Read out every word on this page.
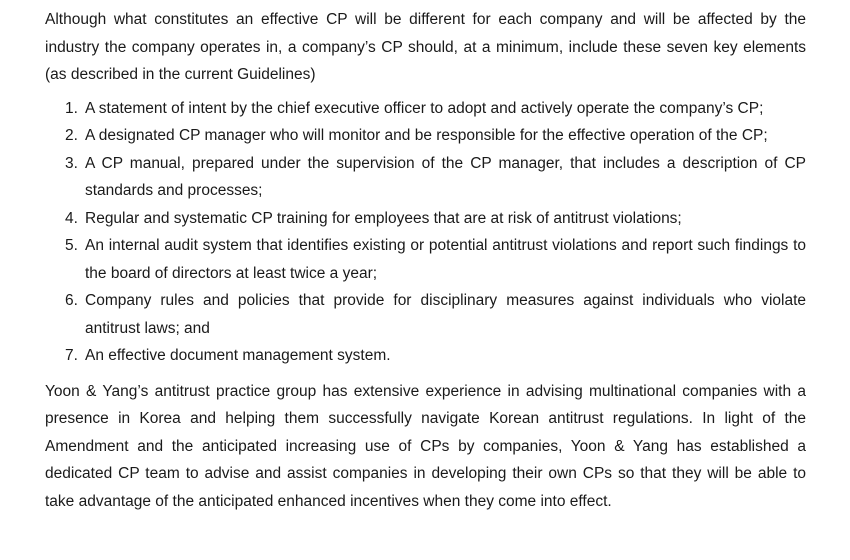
Although what constitutes an effective CP will be different for each company and will be affected by the industry the company operates in, a company’s CP should, at a minimum, include these seven key elements (as described in the current Guidelines)

1. A statement of intent by the chief executive officer to adopt and actively operate the company’s CP;
2. A designated CP manager who will monitor and be responsible for the effective operation of the CP;
3. A CP manual, prepared under the supervision of the CP manager, that includes a description of CP standards and processes;
4. Regular and systematic CP training for employees that are at risk of antitrust violations;
5. An internal audit system that identifies existing or potential antitrust violations and report such findings to the board of directors at least twice a year;
6. Company rules and policies that provide for disciplinary measures against individuals who violate antitrust laws; and
7. An effective document management system.

Yoon & Yang’s antitrust practice group has extensive experience in advising multinational companies with a presence in Korea and helping them successfully navigate Korean antitrust regulations. In light of the Amendment and the anticipated increasing use of CPs by companies, Yoon & Yang has established a dedicated CP team to advise and assist companies in developing their own CPs so that they will be able to take advantage of the anticipated enhanced incentives when they come into effect.
